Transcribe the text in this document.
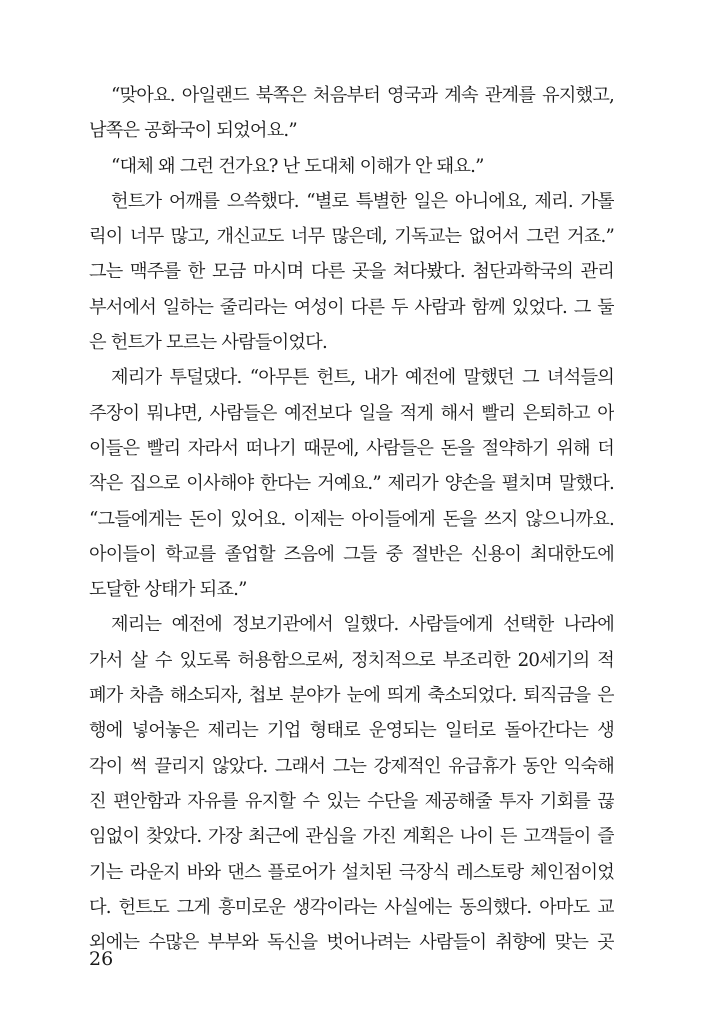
“맞아요. 아일랜드 북쪽은 처음부터 영국과 계속 관계를 유지했고,
남쪽은 공화국이 되었어요.”
“대체 왜 그런 건가요? 난 도대체 이해가 안 돼요.”
헌트가 어깨를 으쓱했다. “별로 특별한 일은 아니에요, 제리. 가톨
릭이 너무 많고, 개신교도 너무 많은데, 기독교는 없어서 그런 거죠.”
그는 맥주를 한 모금 마시며 다른 곳을 쳐다봤다. 첨단과학국의 관리
부서에서 일하는 줄리라는 여성이 다른 두 사람과 함께 있었다. 그 둘
은 헌트가 모르는 사람들이었다.
제리가 투덜댔다. “아무튼 헌트, 내가 예전에 말했던 그 녀석들의
주장이 뭐냐면, 사람들은 예전보다 일을 적게 해서 빨리 은퇴하고 아
이들은 빨리 자라서 떠나기 때문에, 사람들은 돈을 절약하기 위해 더
작은 집으로 이사해야 한다는 거예요.” 제리가 양손을 펼치며 말했다.
“그들에게는 돈이 있어요. 이제는 아이들에게 돈을 쓰지 않으니까요.
아이들이 학교를 졸업할 즈음에 그들 중 절반은 신용이 최대한도에
도달한 상태가 되죠.”
제리는 예전에 정보기관에서 일했다. 사람들에게 선택한 나라에
가서 살 수 있도록 허용함으로써, 정치적으로 부조리한 20세기의 적
폐가 차츰 해소되자, 첩보 분야가 눈에 띄게 축소되었다. 퇴직금을 은
행에 넣어놓은 제리는 기업 형태로 운영되는 일터로 돌아간다는 생
각이 썩 끌리지 않았다. 그래서 그는 강제적인 유급휴가 동안 익숙해
진 편안함과 자유를 유지할 수 있는 수단을 제공해줄 투자 기회를 끊
임없이 찾았다. 가장 최근에 관심을 가진 계획은 나이 든 고객들이 즐
기는 라운지 바와 댄스 플로어가 설치된 극장식 레스토랑 체인점이었
다. 헌트도 그게 흥미로운 생각이라는 사실에는 동의했다. 아마도 교
외에는 수많은 부부와 독신을 벗어나려는 사람들이 취향에 맞는 곳
26
